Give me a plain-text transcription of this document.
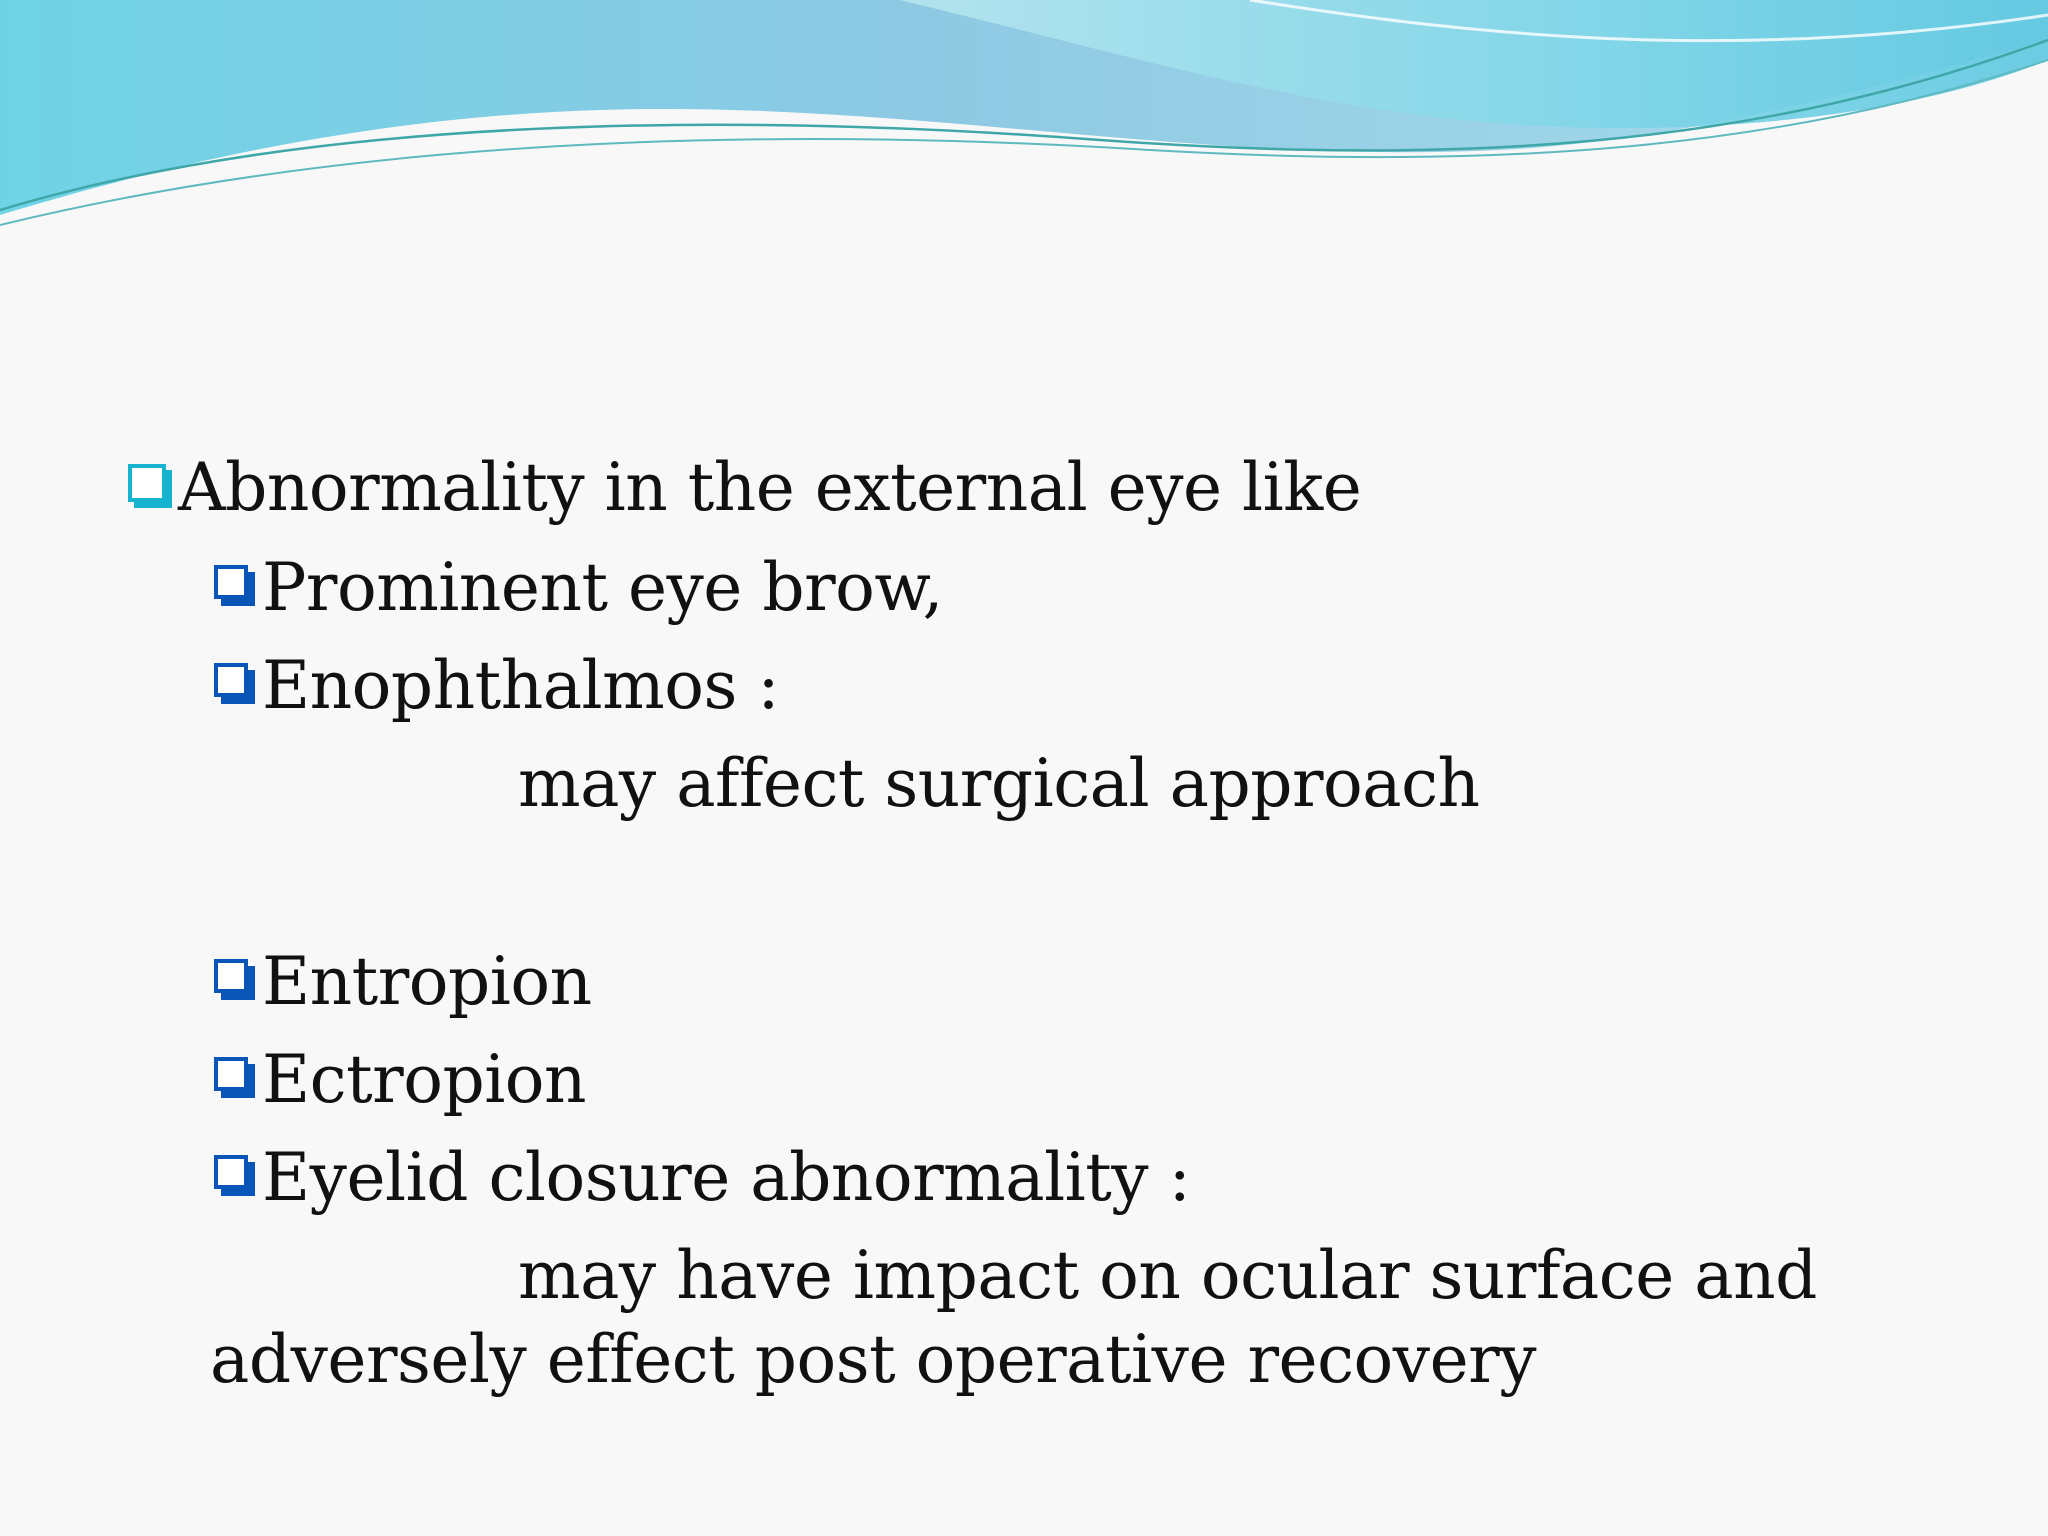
Abnormality in the external eye like
Prominent eye brow,
Enophthalmos :
may affect surgical approach
Entropion
Ectropion
Eyelid closure abnormality :
may have impact on ocular surface and
adversely effect post operative recovery
